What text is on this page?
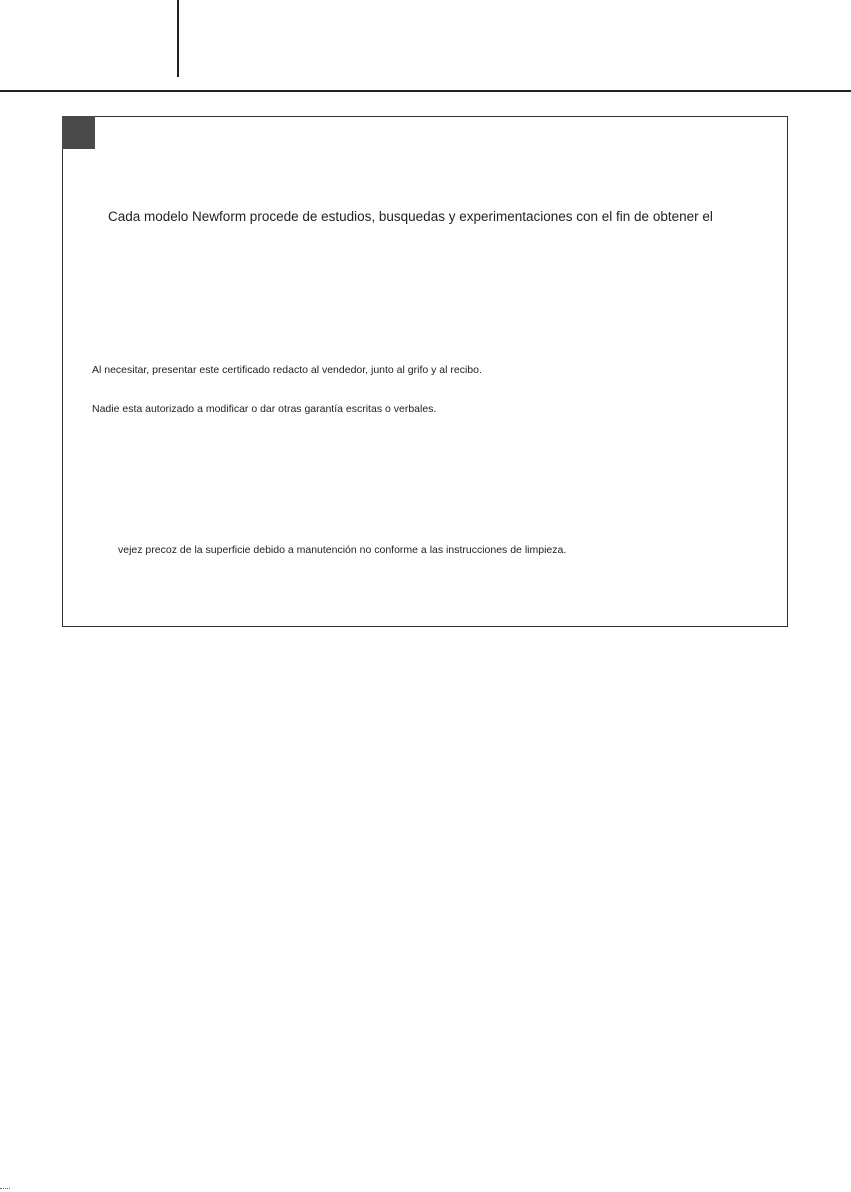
Cada modelo Newform procede de estudios, busquedas y experimentaciones con el fin de obtener el
Al necesitar, presentar este certificado redacto al vendedor, junto al grifo y al recibo.
Nadie esta autorizado a modificar o dar otras garantía escritas o verbales.
vejez precoz de la superficie debido a manutención no conforme a las instrucciones de limpieza.
